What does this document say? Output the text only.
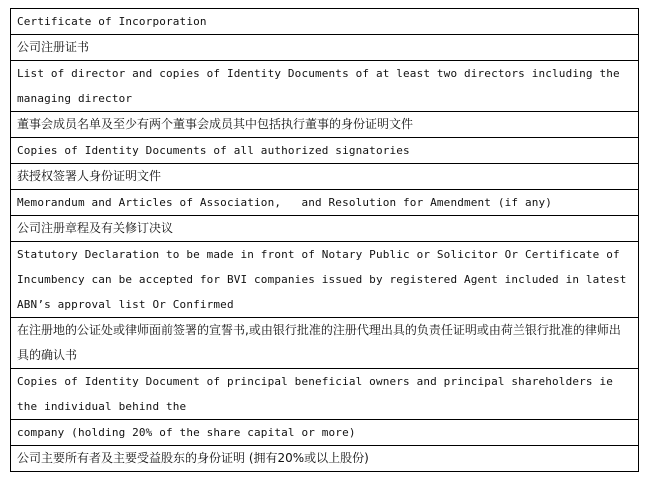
Certificate of Incorporation
公司注册证书
List of director and copies of Identity Documents of at least two directors including the managing director
董事会成员名单及至少有两个董事会成员其中包括执行董事的身份证明文件
Copies of Identity Documents of all authorized signatories
获授权签署人身份证明文件
Memorandum and Articles of Association,   and Resolution for Amendment (if any)
公司注册章程及有关修订决议
Statutory Declaration to be made in front of Notary Public or Solicitor Or Certificate of Incumbency can be accepted for BVI companies issued by registered Agent included in latest ABN’s approval list Or Confirmed
在注册地的公证处或律师面前签署的宣誓书,或由银行批准的注册代理出具的负责任证明或由荷兰银行批准的律师出具的确认书
Copies of Identity Document of principal beneficial owners and principal shareholders ie the individual behind the
company (holding 20% of the share capital or more)
公司主要所有者及主要受益股东的身份证明 (拥有20%或以上股份)
